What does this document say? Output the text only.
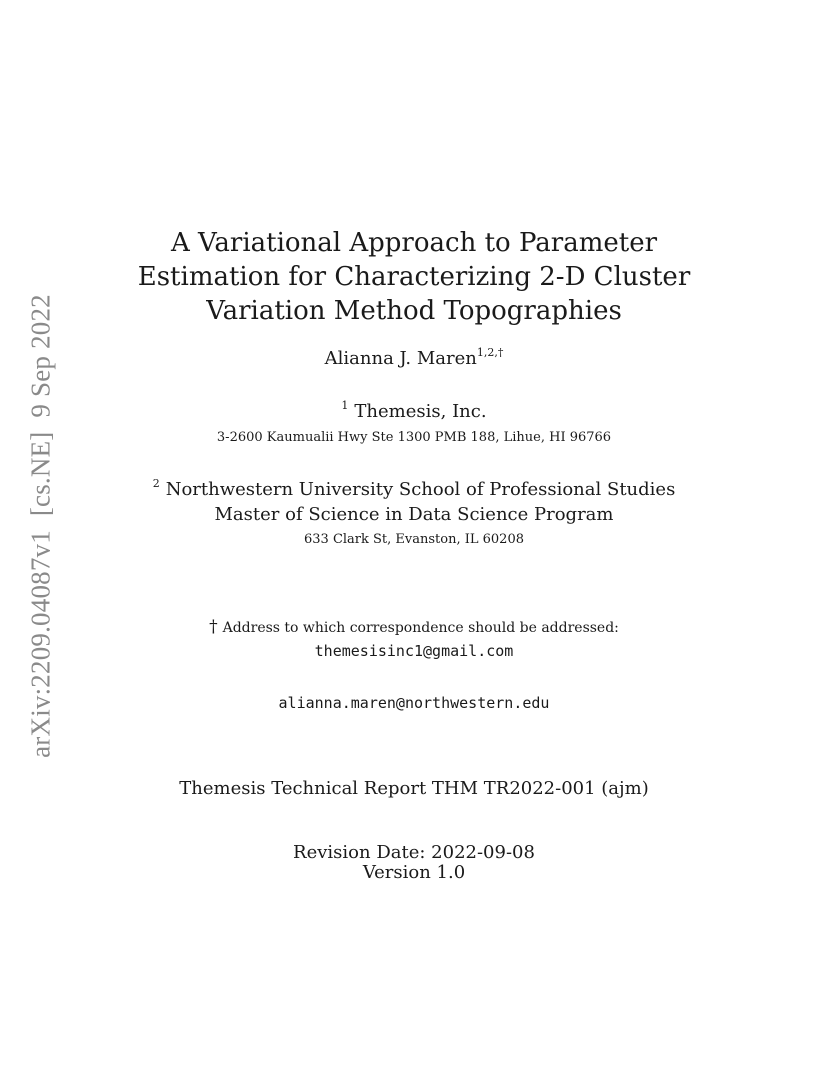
arXiv:2209.04087v1  [cs.NE]  9 Sep 2022
A Variational Approach to Parameter
Estimation for Characterizing 2-D Cluster
Variation Method Topographies
Alianna J. Maren$^{1,2,\dagger}$
$^1$ Themesis, Inc.
3-2600 Kaumualii Hwy Ste 1300 PMB 188, Lihue, HI 96766
$^2$ Northwestern University School of Professional Studies
Master of Science in Data Science Program
633 Clark St, Evanston, IL 60208
† Address to which correspondence should be addressed:
themesisinc1@gmail.com
alianna.maren@northwestern.edu
Themesis Technical Report THM TR2022-001 (ajm)
Revision Date: 2022-09-08
Version 1.0
